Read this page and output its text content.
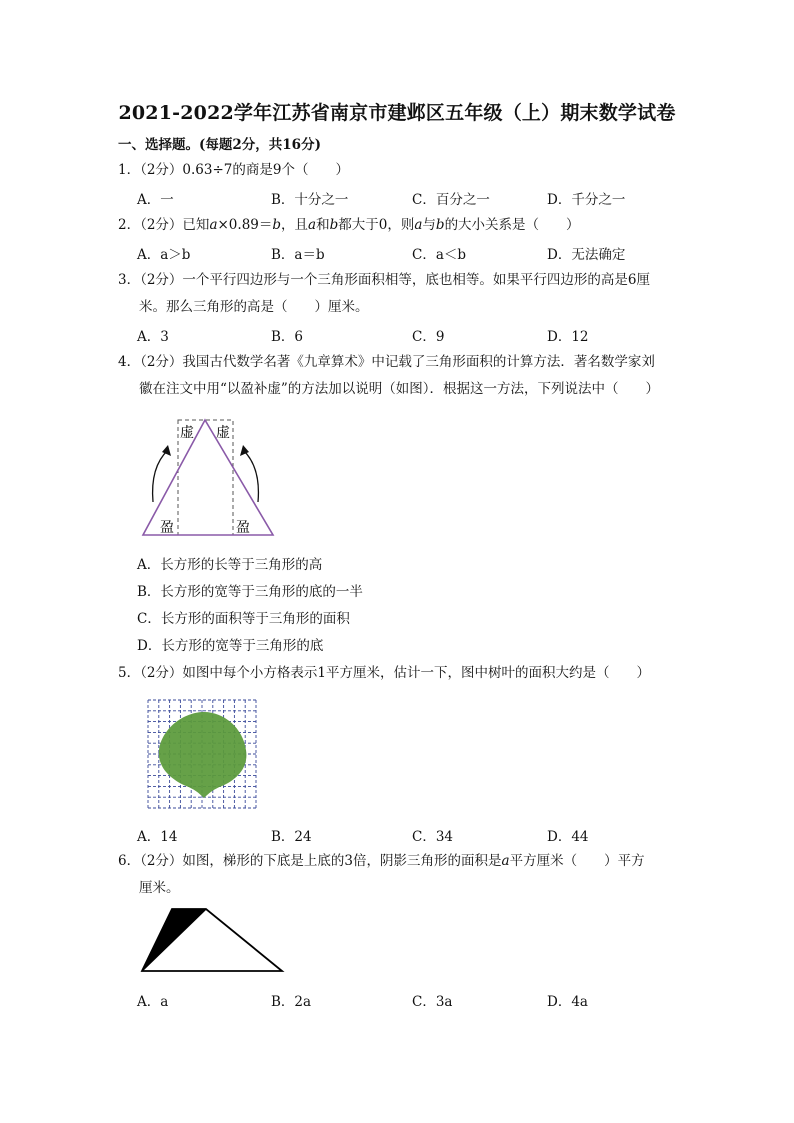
2021-2022学年江苏省南京市建邺区五年级（上）期末数学试卷
一、选择题。(每题2分，共16分)
1．（2分）0.63÷7的商是9个（　　）
A．一	B．十分之一	C．百分之一	D．千分之一
2．（2分）已知a×0.89＝b，且a和b都大于0，则a与b的大小关系是（　　）
A．a＞b	B．a＝b	C．a＜b	D．无法确定
3．（2分）一个平行四边形与一个三角形面积相等，底也相等。如果平行四边形的高是6厘
米。那么三角形的高是（　　）厘米。
A．3	B．6	C．9	D．12
4．（2分）我国古代数学名著《九章算术》中记载了三角形面积的计算方法．著名数学家刘
徽在注文中用“以盈补虚”的方法加以说明（如图）．根据这一方法，下列说法中（　　）
虚 虚
盈	盈
A．长方形的长等于三角形的高
B．长方形的宽等于三角形的底的一半
C．长方形的面积等于三角形的面积
D．长方形的宽等于三角形的底
5．（2分）如图中每个小方格表示1平方厘米，估计一下，图中树叶的面积大约是（　　）
A．14	B．24	C．34	D．44
6．（2分）如图，梯形的下底是上底的3倍，阴影三角形的面积是a平方厘米（　　）平方
厘米。
A．a	B．2a	C．3a	D．4a
